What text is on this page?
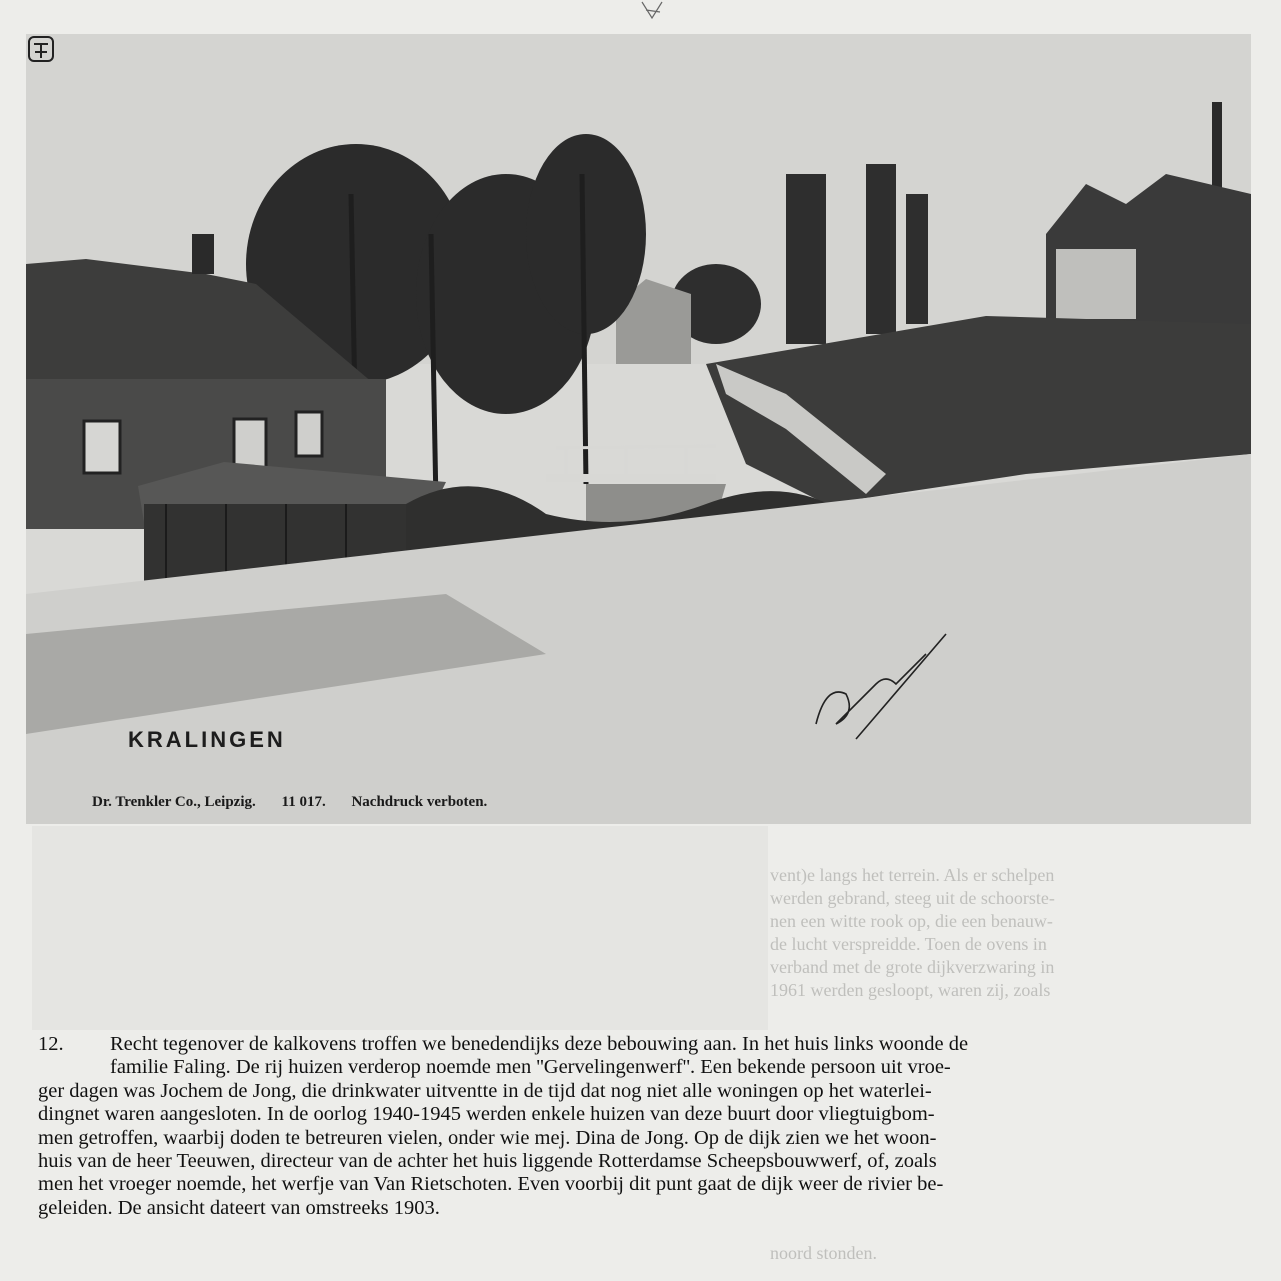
KRALINGEN
Dr. Trenkler Co., Leipzig. 11 017. Nachdruck verboten.
vent)e langs het terrein. Als er schelpen
werden gebrand, steeg uit de schoorste-
nen een witte rook op, die een benauw-
de lucht verspreidde. Toen de ovens in
verband met de grote dijkverzwaring in
1961 werden gesloopt, waren zij, zoals
noord stonden.
12.	Recht tegenover de kalkovens troffen we benedendijks deze bebouwing aan. In het huis links woonde de
familie Faling. De rij huizen verderop noemde men ''Gervelingenwerf''. Een bekende persoon uit vroe-
ger dagen was Jochem de Jong, die drinkwater uitventte in de tijd dat nog niet alle woningen op het waterlei-
dingnet waren aangesloten. In de oorlog 1940-1945 werden enkele huizen van deze buurt door vliegtuigbom-
men getroffen, waarbij doden te betreuren vielen, onder wie mej. Dina de Jong. Op de dijk zien we het woon-
huis van de heer Teeuwen, directeur van de achter het huis liggende Rotterdamse Scheepsbouwwerf, of, zoals
men het vroeger noemde, het werfje van Van Rietschoten. Even voorbij dit punt gaat de dijk weer de rivier be-
geleiden. De ansicht dateert van omstreeks 1903.
